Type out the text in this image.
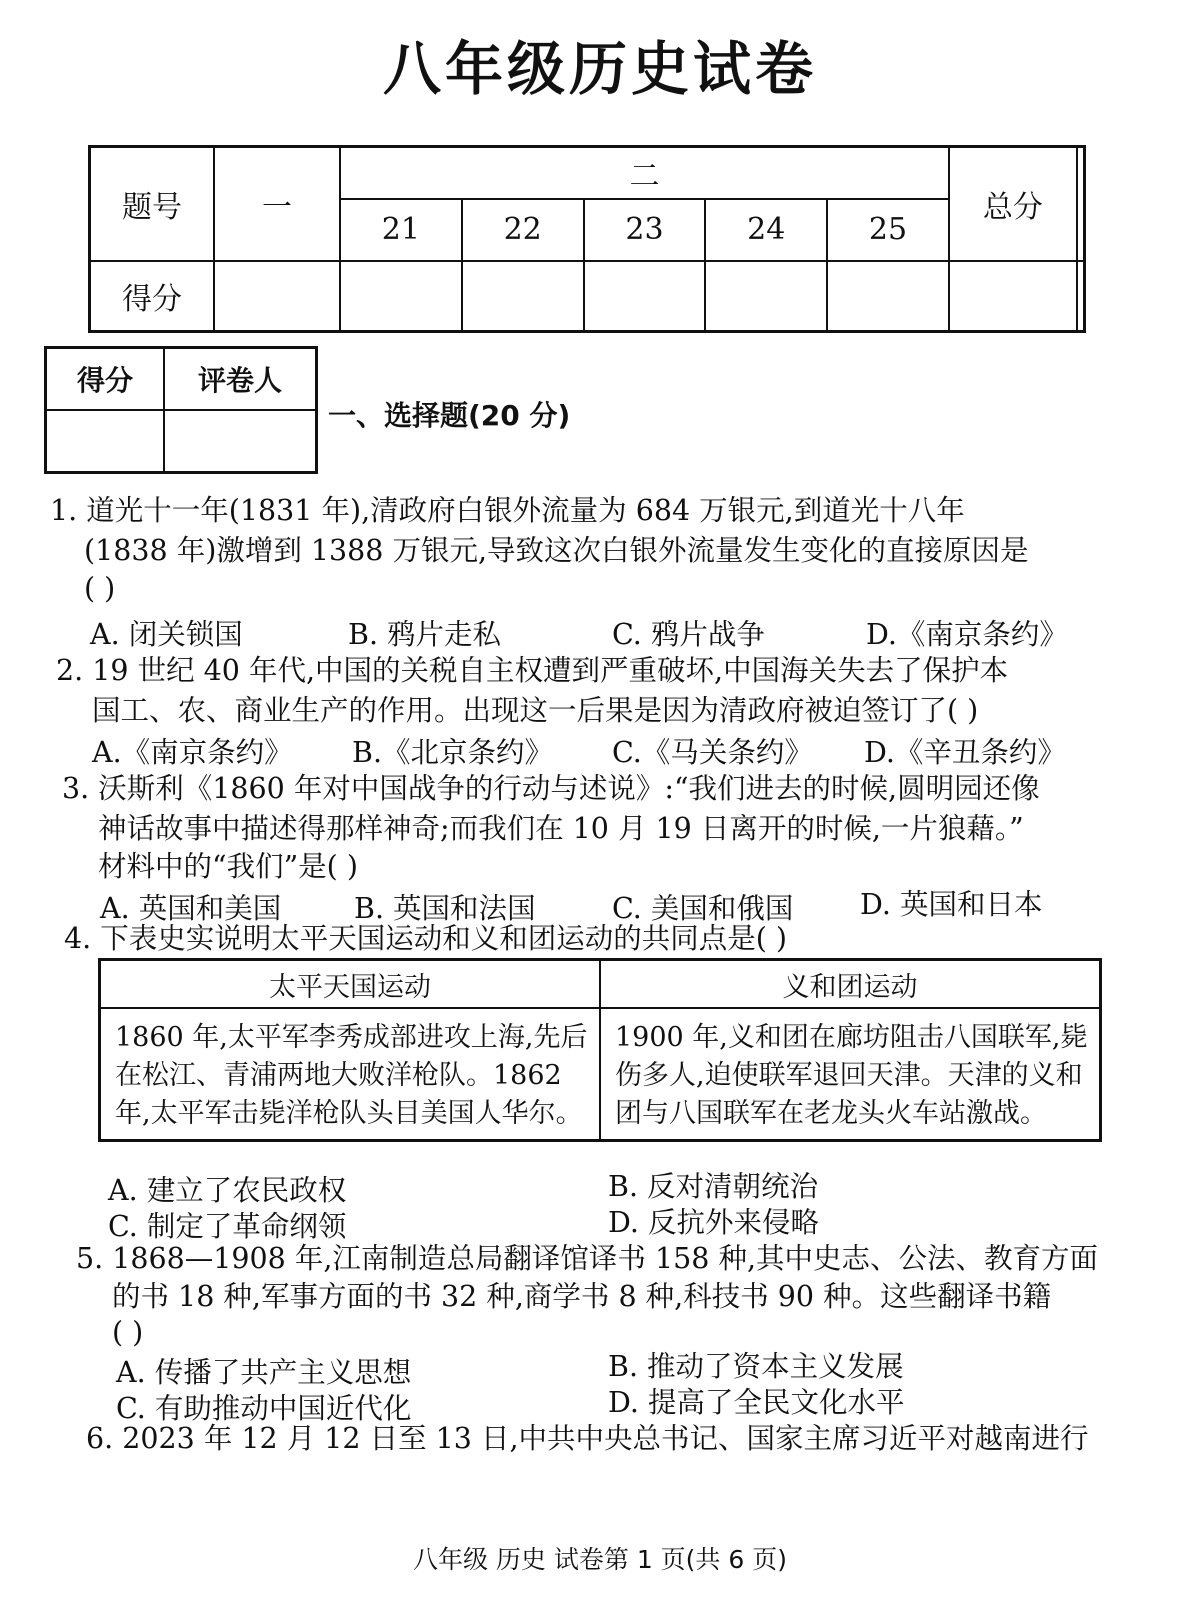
八年级历史试卷
题号	一	二					总分	
		21	22	23	24	25		
得分								
得分	评卷人

一、选择题(20 分)
1. 道光十一年(1831 年),清政府白银外流量为 684 万银元,到道光十八年
(1838 年)激增到 1388 万银元,导致这次白银外流量发生变化的直接原因是
( )
A. 闭关锁国	B. 鸦片走私	C. 鸦片战争	D.《南京条约》
2. 19 世纪 40 年代,中国的关税自主权遭到严重破坏,中国海关失去了保护本
国工、农、商业生产的作用。出现这一后果是因为清政府被迫签订了( )
A.《南京条约》 B.《北京条约》 C.《马关条约》 D.《辛丑条约》
3. 沃斯利《1860 年对中国战争的行动与述说》:“我们进去的时候,圆明园还像
神话故事中描述得那样神奇;而我们在 10 月 19 日离开的时候,一片狼藉。”
材料中的“我们”是( )
A. 英国和美国	B. 英国和法国	C. 美国和俄国 D. 英国和日本
4. 下表史实说明太平天国运动和义和团运动的共同点是( )
太平天国运动	义和团运动
1860 年,太平军李秀成部进攻上海,先后在松江、青浦两地大败洋枪队。1862 年,太平军击毙洋枪队头目美国人华尔。	1900 年,义和团在廊坊阻击八国联军,毙伤多人,迫使联军退回天津。天津的义和团与八国联军在老龙头火车站激战。
A. 建立了农民政权	B. 反对清朝统治
C. 制定了革命纲领	D. 反抗外来侵略
5. 1868—1908 年,江南制造总局翻译馆译书 158 种,其中史志、公法、教育方面
的书 18 种,军事方面的书 32 种,商学书 8 种,科技书 90 种。这些翻译书籍
( )
A. 传播了共产主义思想	B. 推动了资本主义发展
C. 有助推动中国近代化	D. 提高了全民文化水平
6. 2023 年 12 月 12 日至 13 日,中共中央总书记、国家主席习近平对越南进行
八年级 历史 试卷第 1 页(共 6 页)
